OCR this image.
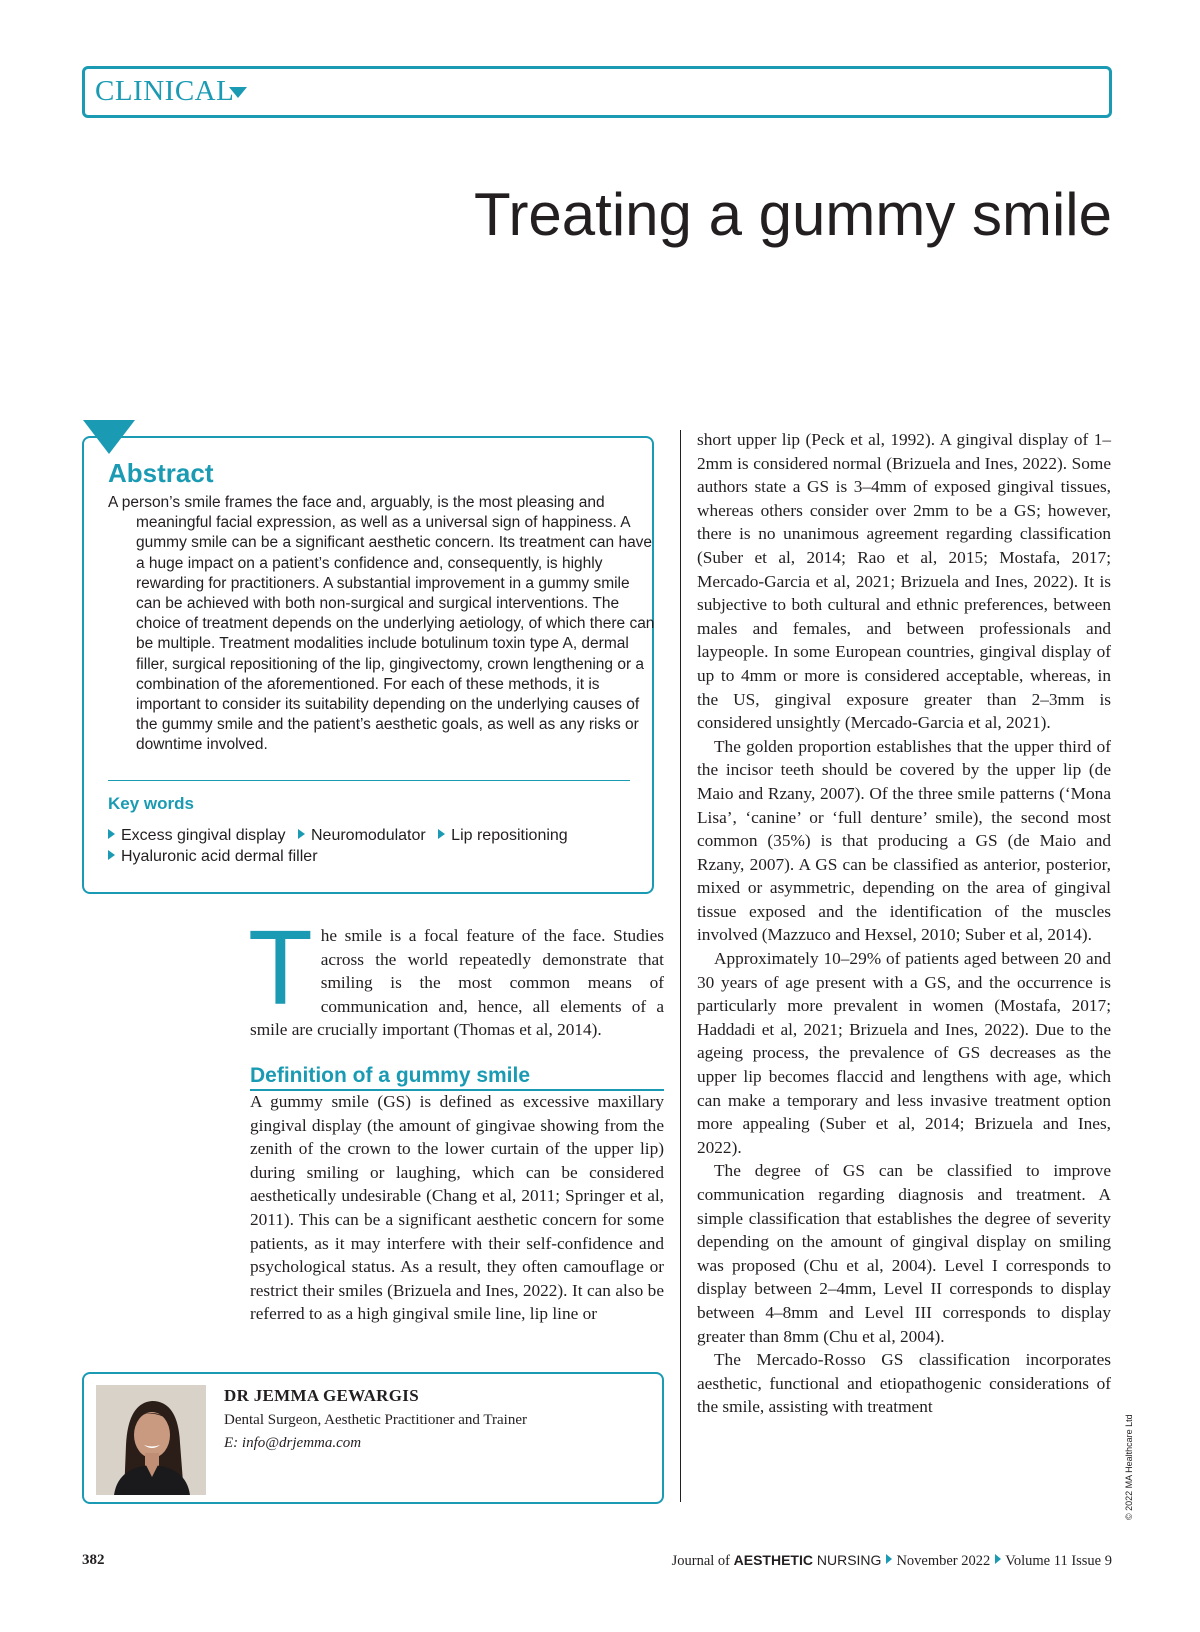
CLINICAL
Treating a gummy smile
Abstract

A person’s smile frames the face and, arguably, is the most pleasing and meaningful facial expression, as well as a universal sign of happiness. A gummy smile can be a significant aesthetic concern. Its treatment can have a huge impact on a patient’s confidence and, consequently, is highly rewarding for practitioners. A substantial improvement in a gummy smile can be achieved with both non-surgical and surgical interventions. The choice of treatment depends on the underlying aetiology, of which there can be multiple. Treatment modalities include botulinum toxin type A, dermal filler, surgical repositioning of the lip, gingivectomy, crown lengthening or a combination of the aforementioned. For each of these methods, it is important to consider its suitability depending on the underlying causes of the gummy smile and the patient’s aesthetic goals, as well as any risks or downtime involved.

Key words
Excess gingival display Neuromodulator Lip repositioning
Hyaluronic acid dermal filler
The smile is a focal feature of the face. Studies across the world repeatedly demonstrate that smiling is the most common means of communication and, hence, all elements of a smile are crucially important (Thomas et al, 2014).
Definition of a gummy smile

A gummy smile (GS) is defined as excessive maxillary gingival display (the amount of gingivae showing from the zenith of the crown to the lower curtain of the upper lip) during smiling or laughing, which can be considered aesthetically undesirable (Chang et al, 2011; Springer et al, 2011). This can be a significant aesthetic concern for some patients, as it may interfere with their self-confidence and psychological status. As a result, they often camouflage or restrict their smiles (Brizuela and Ines, 2022). It can also be referred to as a high gingival smile line, lip line or

short upper lip (Peck et al, 1992). A gingival display of 1–2mm is considered normal (Brizuela and Ines, 2022). Some authors state a GS is 3–4mm of exposed gingival tissues, whereas others consider over 2mm to be a GS; however, there is no unanimous agreement regarding classification (Suber et al, 2014; Rao et al, 2015; Mostafa, 2017; Mercado-Garcia et al, 2021; Brizuela and Ines, 2022). It is subjective to both cultural and ethnic preferences, between males and females, and between professionals and laypeople. In some European countries, gingival display of up to 4mm or more is considered acceptable, whereas, in the US, gingival exposure greater than 2–3mm is considered unsightly (Mercado-Garcia et al, 2021).

The golden proportion establishes that the upper third of the incisor teeth should be covered by the upper lip (de Maio and Rzany, 2007). Of the three smile patterns (‘Mona Lisa’, ‘canine’ or ‘full denture’ smile), the second most common (35%) is that producing a GS (de Maio and Rzany, 2007). A GS can be classified as anterior, posterior, mixed or asymmetric, depending on the area of gingival tissue exposed and the identification of the muscles involved (Mazzuco and Hexsel, 2010; Suber et al, 2014).

Approximately 10–29% of patients aged between 20 and 30 years of age present with a GS, and the occurrence is particularly more prevalent in women (Mostafa, 2017; Haddadi et al, 2021; Brizuela and Ines, 2022). Due to the ageing process, the prevalence of GS decreases as the upper lip becomes flaccid and lengthens with age, which can make a temporary and less invasive treatment option more appealing (Suber et al, 2014; Brizuela and Ines, 2022).

The degree of GS can be classified to improve communication regarding diagnosis and treatment. A simple classification that establishes the degree of severity depending on the amount of gingival display on smiling was proposed (Chu et al, 2004). Level I corresponds to display between 2–4mm, Level II corresponds to display between 4–8mm and Level III corresponds to display greater than 8mm (Chu et al, 2004).

The Mercado-Rosso GS classification incorporates aesthetic, functional and etiopathogenic considerations of the smile, assisting with treatment

DR JEMMA GEWARGIS

Dental Surgeon, Aesthetic Practitioner and Trainer

E: info@drjemma.com	© 2022 MA Healthcare Ltd

382	Journal of AESTHETIC NURSING November 2022 Volume 11 Issue 9
